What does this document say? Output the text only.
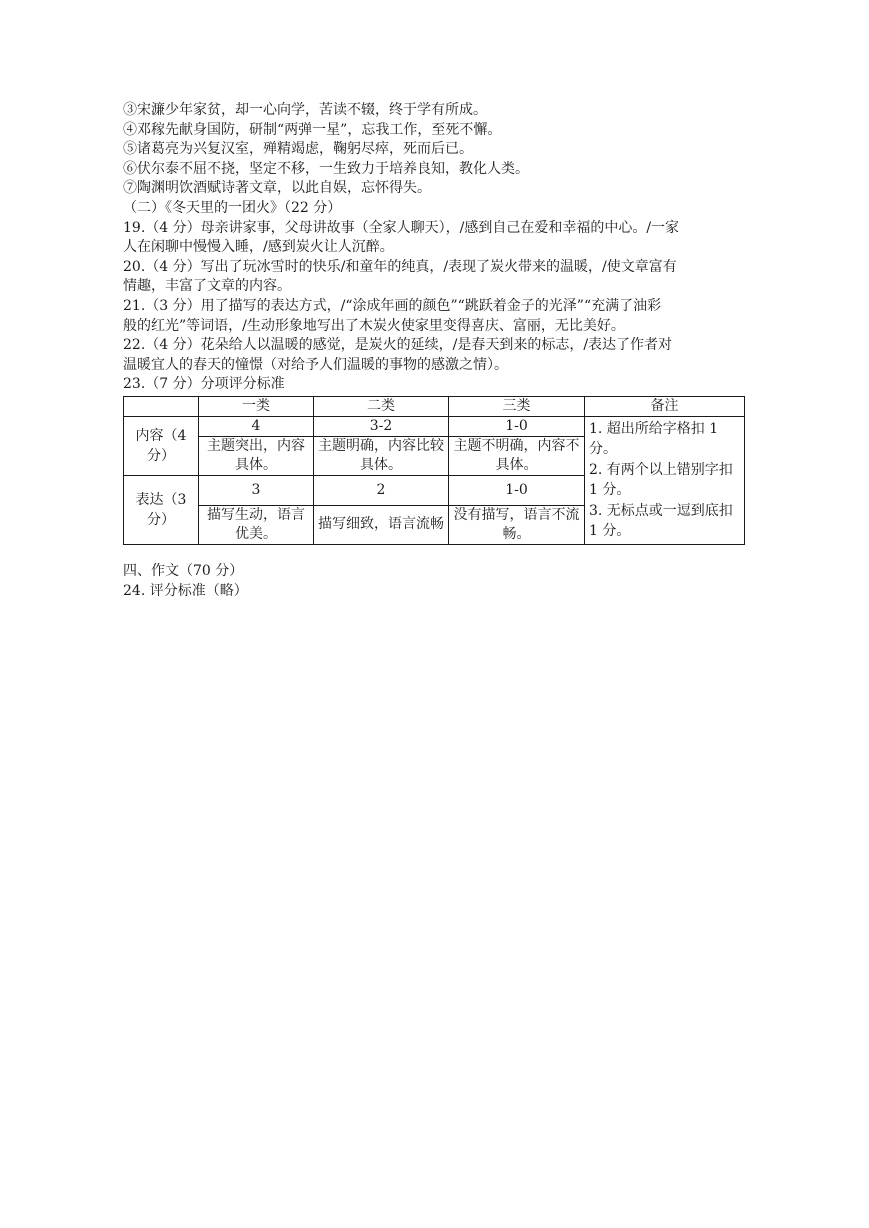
③宋濂少年家贫，却一心向学，苦读不辍，终于学有所成。
④邓稼先献身国防，研制“两弹一星”，忘我工作，至死不懈。
⑤诸葛亮为兴复汉室，殚精竭虑，鞠躬尽瘁，死而后已。
⑥伏尔泰不屈不挠，坚定不移，一生致力于培养良知，教化人类。
⑦陶渊明饮酒赋诗著文章，以此自娱，忘怀得失。
（二）《冬天里的一团火》（22 分）
19.（4 分）母亲讲家事，父母讲故事（全家人聊天），/感到自己在爱和幸福的中心。/一家
人在闲聊中慢慢入睡，/感到炭火让人沉醉。
20.（4 分）写出了玩冰雪时的快乐/和童年的纯真，/表现了炭火带来的温暖，/使文章富有
情趣，丰富了文章的内容。
21.（3 分）用了描写的表达方式，/“涂成年画的颜色”“跳跃着金子的光泽”“充满了油彩
般的红光”等词语，/生动形象地写出了木炭火使家里变得喜庆、富丽，无比美好。
22.（4 分）花朵给人以温暖的感觉，是炭火的延续，/是春天到来的标志，/表达了作者对
温暖宜人的春天的憧憬（对给予人们温暖的事物的感激之情）。
23.（7 分）分项评分标准
	一类	二类	三类	备注
内容（4 分）	4	3-2	1-0	1. 超出所给字格扣 1 分。
2. 有两个以上错别字扣 1 分。
3. 无标点或一逗到底扣 1 分。

	主题突出，内容具体。	主题明确，内容比较具体。	主题不明确，内容不具体。	
表达（3 分）	3	2	1-0	
	描写生动，语言优美。	描写细致，语言流畅	没有描写，语言不流畅。	
四、作文（70 分）
24. 评分标准（略）
